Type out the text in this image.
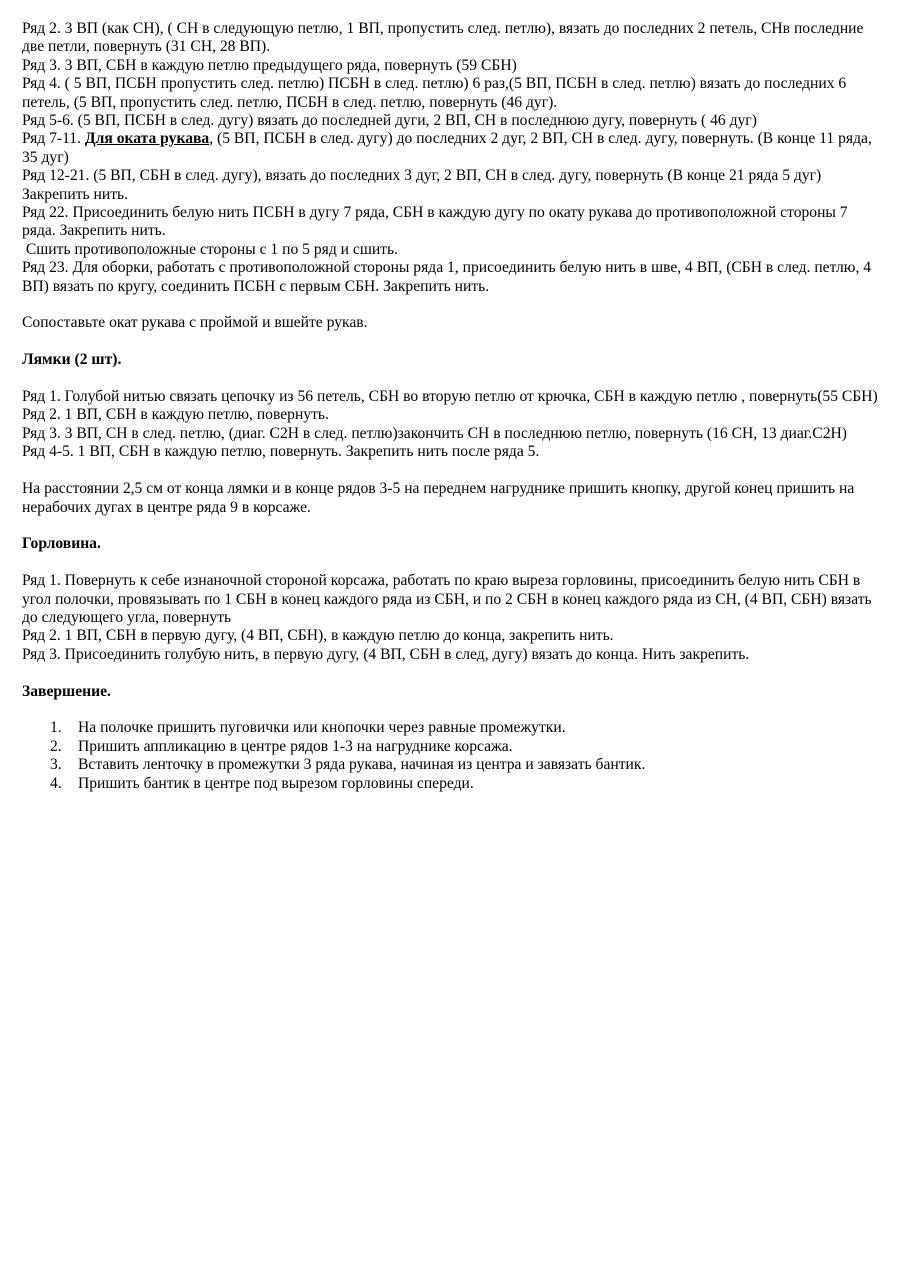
Ряд 2. 3 ВП (как СН), ( СН в следующую петлю, 1 ВП, пропустить след. петлю), вязать до последних 2 петель, СНв последние две петли, повернуть (31 СН, 28 ВП).

Ряд 3. 3 ВП, СБН в каждую петлю предыдущего ряда, повернуть (59 СБН)

Ряд 4. ( 5 ВП, ПСБН пропустить след. петлю) ПСБН в след. петлю) 6 раз,(5 ВП, ПСБН в след. петлю) вязать до последних 6 петель, (5 ВП, пропустить след. петлю, ПСБН в след. петлю, повернуть (46 дуг).

Ряд 5-6. (5 ВП, ПСБН в след. дугу) вязать до последней дуги, 2 ВП, СН в последнюю дугу, повернуть ( 46 дуг)

Ряд 7-11. Для оката рукава, (5 ВП, ПСБН в след. дугу) до последних 2 дуг, 2 ВП, СН в след. дугу, повернуть. (В конце 11 ряда, 35 дуг)

Ряд 12-21. (5 ВП, СБН в след. дугу), вязать до последних 3 дуг, 2 ВП, СН в след. дугу, повернуть (В конце 21 ряда 5 дуг) Закрепить нить.

Ряд 22. Присоединить белую нить ПСБН в дугу 7 ряда, СБН в каждую дугу по окату рукава до противоположной стороны 7 ряда. Закрепить нить.

Сшить противоположные стороны с 1 по 5 ряд и сшить.

Ряд 23. Для оборки, работать с противоположной стороны ряда 1, присоединить белую нить в шве, 4 ВП, (СБН в след. петлю, 4 ВП) вязать по кругу, соединить ПСБН с первым СБН. Закрепить нить.

Сопоставьте окат рукава с проймой и вшейте рукав.

Лямки (2 шт).

Ряд 1. Голубой нитью связать цепочку из 56 петель, СБН во вторую петлю от крючка, СБН в каждую петлю , повернуть(55 СБН)

Ряд 2. 1 ВП, СБН в каждую петлю, повернуть.

Ряд 3. 3 ВП, СН в след. петлю, (диаг. С2Н в след. петлю)закончить СН в последнюю петлю, повернуть (16 СН, 13 диаг.С2Н)

Ряд 4-5. 1 ВП, СБН в каждую петлю, повернуть. Закрепить нить после ряда 5.

На расстоянии 2,5 см от конца лямки и в конце рядов 3-5 на переднем нагруднике пришить кнопку, другой конец пришить на нерабочих дугах в центре ряда 9 в корсаже.

Горловина.

Ряд 1. Повернуть к себе изнаночной стороной корсажа, работать по краю выреза горловины, присоединить белую нить СБН в угол полочки, провязывать по 1 СБН в конец каждого ряда из СБН, и по 2 СБН в конец каждого ряда из СН, (4 ВП, СБН) вязать до следующего угла, повернуть

Ряд 2. 1 ВП, СБН в первую дугу, (4 ВП, СБН), в каждую петлю до конца, закрепить нить.

Ряд 3. Присоединить голубую нить, в первую дугу, (4 ВП, СБН в след, дугу) вязать до конца. Нить закрепить.

Завершение.

1. На полочке пришить пуговички или кнопочки через равные промежутки.
2. Пришить аппликацию в центре рядов 1-3 на нагруднике корсажа.
3. Вставить ленточку в промежутки 3 ряда рукава, начиная из центра и завязать бантик.
4. Пришить бантик в центре под вырезом горловины спереди.
